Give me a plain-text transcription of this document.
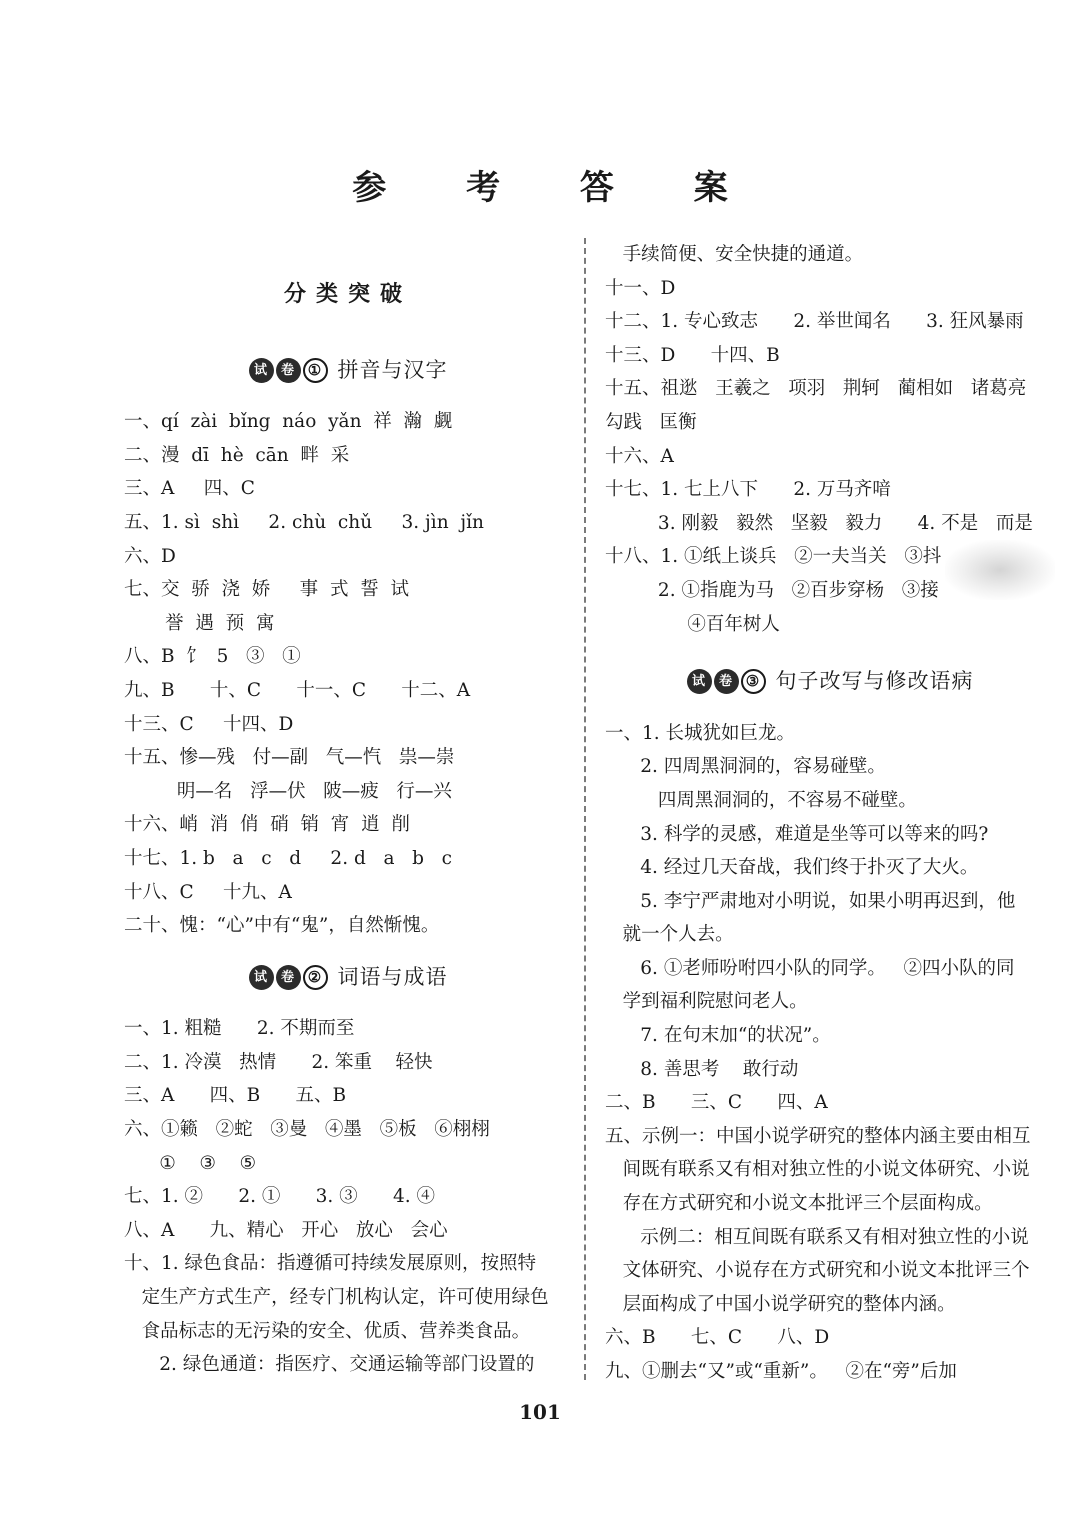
参 考 答 案
分类突破
试 卷 ① 拼音与汉字
一、qí  zài  bǐng  náo  yǎn  祥  瀚  觑
二、漫  dī  hè  cān  畔  采
三、A     四、C
五、1. sì  shì     2. chù  chǔ     3. jìn  jǐn
六、D
七、交  骄  浇  娇     事  式  誓  试
誉  遇  预  寓
八、B  饣  5   ③   ①
九、B      十、C      十一、C      十二、A
十三、C     十四、D
十五、惨—残   付—副   气—忾   祟—崇
明—名   浮—伏   陂—疲   行—兴
十六、峭  消  俏  硝  销  宵  逍  削
十七、1. b   a   c   d     2. d   a   b   c
十八、C     十九、A
二十、愧：“心”中有“鬼”，自然惭愧。
试 卷 ② 词语与成语
一、1. 粗糙      2. 不期而至
二、1. 冷漠   热情      2. 笨重    轻快
三、A      四、B      五、B
六、①籁   ②蛇   ③曼   ④墨   ⑤板   ⑥栩栩
①    ③    ⑤
七、1. ②      2. ①      3. ③      4. ④
八、A      九、精心   开心   放心   会心
十、1. 绿色食品：指遵循可持续发展原则，按照特
定生产方式生产，经专门机构认定，许可使用绿色
食品标志的无污染的安全、优质、营养类食品。
2. 绿色通道：指医疗、交通运输等部门设置的
手续简便、安全快捷的通道。
十一、D
十二、1. 专心致志      2. 举世闻名      3. 狂风暴雨
十三、D      十四、B
十五、祖逖   王羲之   项羽   荆轲   蔺相如   诸葛亮
勾践   匡衡
十六、A
十七、1. 七上八下      2. 万马齐喑
3. 刚毅   毅然   坚毅   毅力      4. 不是   而是
十八、1. ①纸上谈兵   ②一夫当关   ③抖
2. ①指鹿为马   ②百步穿杨   ③接
④百年树人
试 卷 ③ 句子改写与修改语病
一、1. 长城犹如巨龙。
2. 四周黑洞洞的，容易碰壁。
四周黑洞洞的，不容易不碰壁。
3. 科学的灵感，难道是坐等可以等来的吗?
4. 经过几天奋战，我们终于扑灭了大火。
5. 李宁严肃地对小明说，如果小明再迟到，他
就一个人去。
6. ①老师吩咐四小队的同学。   ②四小队的同
学到福利院慰问老人。
7. 在句末加“的状况”。
8. 善思考    敢行动
二、B      三、C      四、A
五、示例一：中国小说学研究的整体内涵主要由相互
间既有联系又有相对独立性的小说文体研究、小说
存在方式研究和小说文本批评三个层面构成。
示例二：相互间既有联系又有相对独立性的小说
文体研究、小说存在方式研究和小说文本批评三个
层面构成了中国小说学研究的整体内涵。
六、B      七、C      八、D
九、①删去“又”或“重新”。   ②在“旁”后加
101
